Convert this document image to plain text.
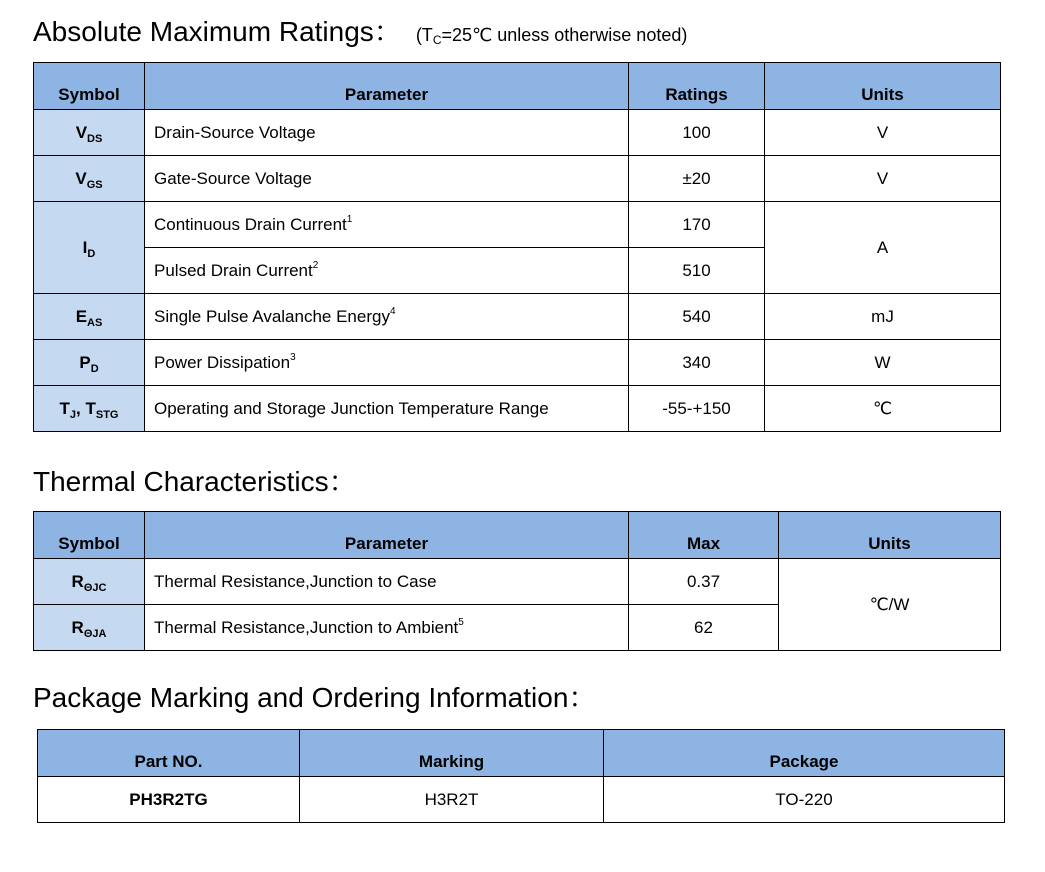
Absolute Maximum Ratings： ($T_C=25℃$ unless otherwise noted)
Symbol	Parameter	Ratings	Units
$V_{DS}$	Drain-Source Voltage	100	V
$V_{GS}$	Gate-Source Voltage	±20	V
$I_D$	Continuous Drain Current$^1$	170	A
	Pulsed Drain Current$^2$	510	
$E_{AS}$	Single Pulse Avalanche Energy$^4$	540	mJ
$P_D$	Power Dissipation$^3$	340	W
$T_J$, $T_{STG}$	Operating and Storage Junction Temperature Range	-55-+150	℃
Thermal Characteristics：
Symbol	Parameter	Max	Units
$R_{\Theta JC}$	Thermal Resistance,Junction to Case	0.37	℃/W
$R_{\Theta JA}$	Thermal Resistance,Junction to Ambient$^5$	62	
Package Marking and Ordering Information：
Part NO.	Marking	Package
PH3R2TG	H3R2T	TO-220
